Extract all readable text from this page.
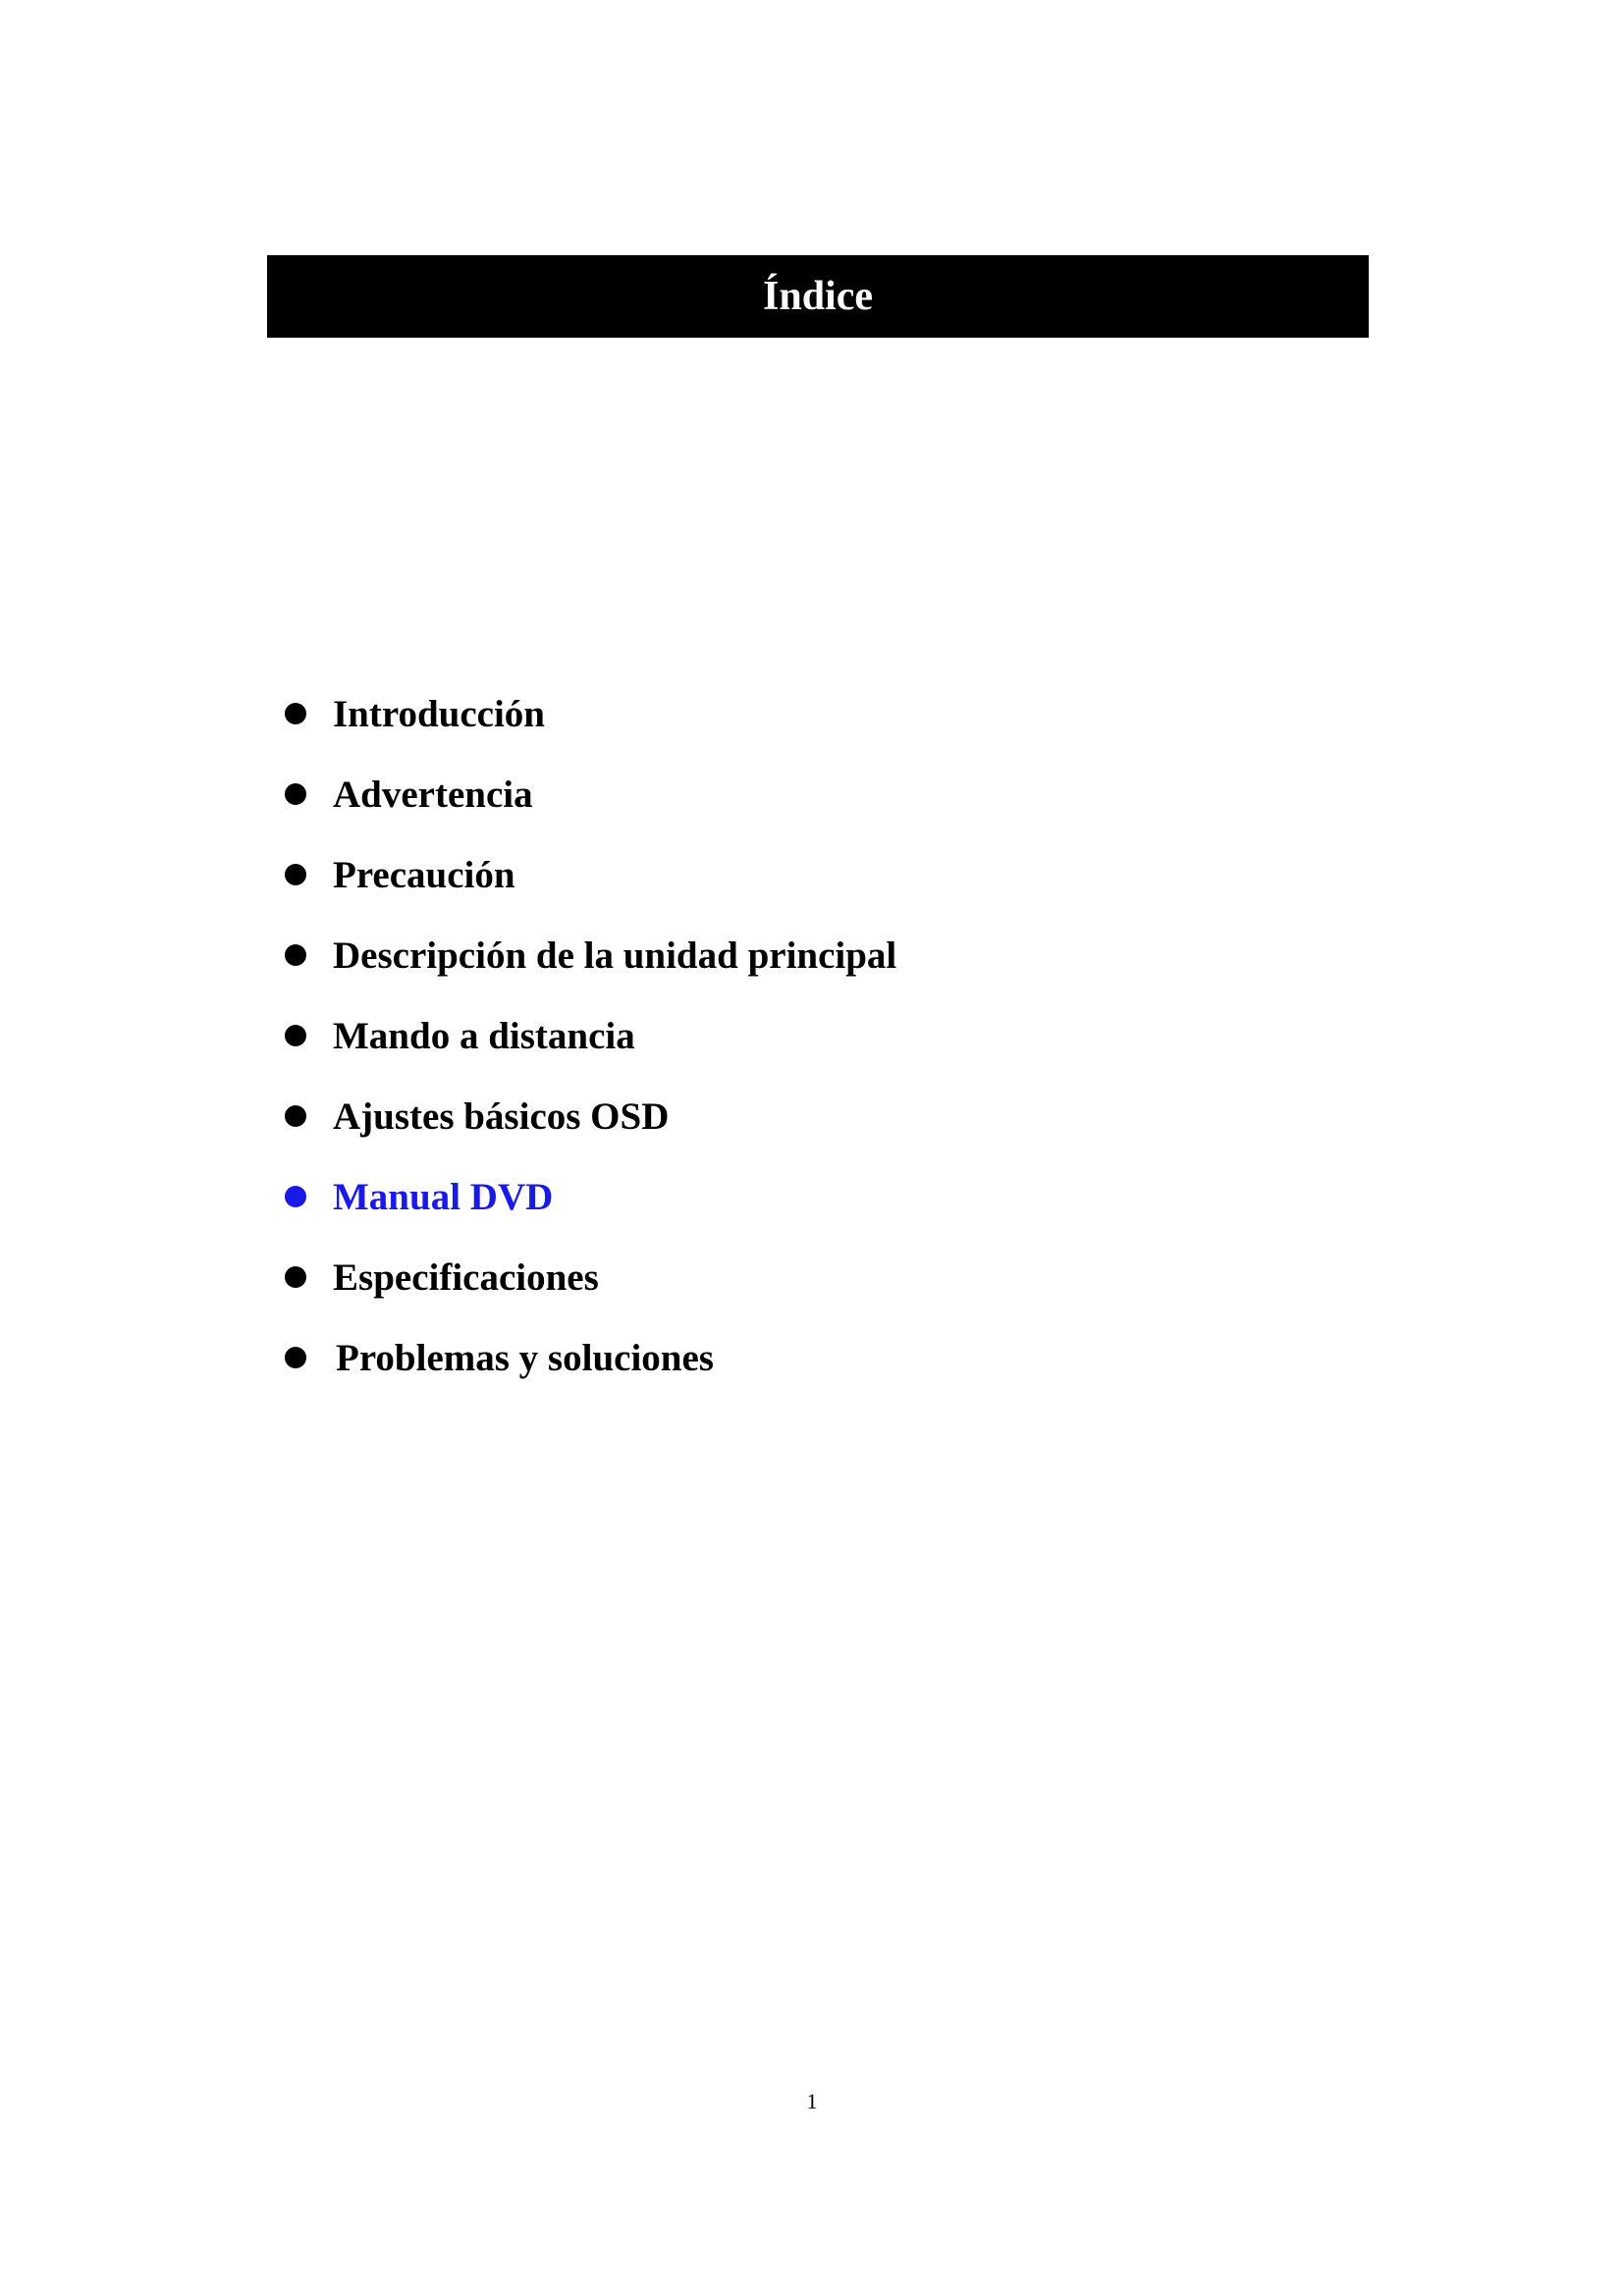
Índice
Introducción
Advertencia
Precaución
Descripción de la unidad principal
Mando a distancia
Ajustes básicos OSD
Manual DVD
Especificaciones
Problemas y soluciones
1
